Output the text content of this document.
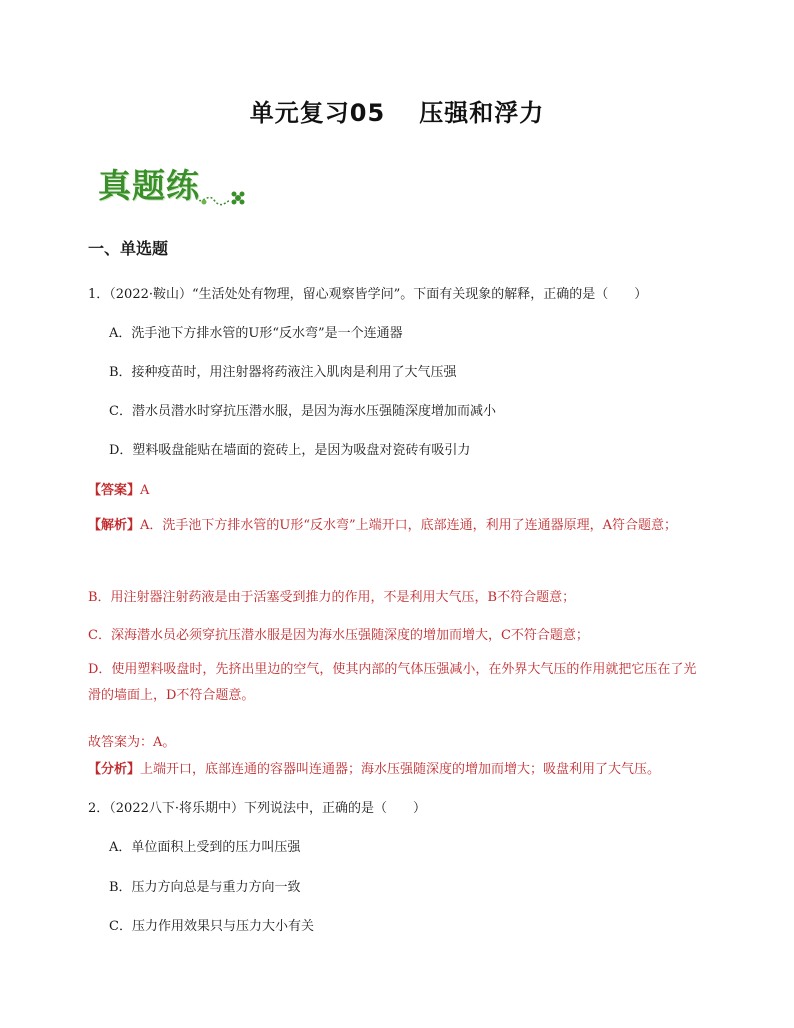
单元复习05 压强和浮力
真题练
一、单选题
1．（2022·鞍山）“生活处处有物理，留心观察皆学问”。下面有关现象的解释，正确的是（　　）
A．洗手池下方排水管的U形“反水弯”是一个连通器
B．接种疫苗时，用注射器将药液注入肌肉是利用了大气压强
C．潜水员潜水时穿抗压潜水服，是因为海水压强随深度增加而减小
D．塑料吸盘能贴在墙面的瓷砖上，是因为吸盘对瓷砖有吸引力
【答案】A
【解析】A．洗手池下方排水管的U形“反水弯”上端开口，底部连通，利用了连通器原理，A符合题意；
B．用注射器注射药液是由于活塞受到推力的作用，不是利用大气压，B不符合题意；
C．深海潜水员必须穿抗压潜水服是因为海水压强随深度的增加而增大，C不符合题意；
D．使用塑料吸盘时，先挤出里边的空气，使其内部的气体压强减小，在外界大气压的作用就把它压在了光滑的墙面上，D不符合题意。
故答案为：A。
【分析】上端开口，底部连通的容器叫连通器；海水压强随深度的增加而增大；吸盘利用了大气压。
2．（2022八下·将乐期中）下列说法中，正确的是（　　）
A．单位面积上受到的压力叫压强
B．压力方向总是与重力方向一致
C．压力作用效果只与压力大小有关
